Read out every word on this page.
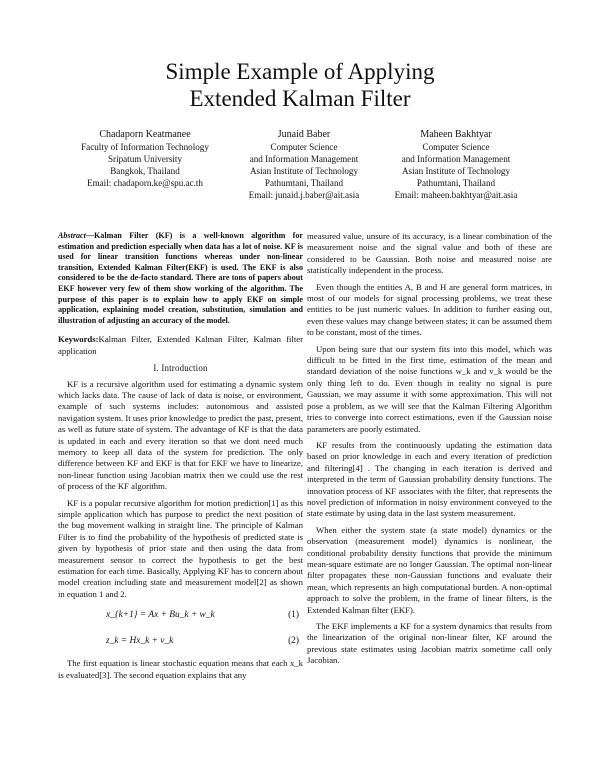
Simple Example of Applying
Extended Kalman Filter
Chadaporn Keatmanee
Faculty of Information Technology
Sripatum University
Bangkok, Thailand
Email: chadaporn.ke@spu.ac.th
Junaid Baber
Computer Science
and Information Management
Asian Institute of Technology
Pathumtani, Thailand
Email: junaid.j.baber@ait.asia
Maheen Bakhtyar
Computer Science
and Information Management
Asian Institute of Technology
Pathumtani, Thailand
Email: maheen.bakhtyar@ait.asia
Abstract—Kalman Filter (KF) is a well-known algorithm for estimation and prediction especially when data has a lot of noise. KF is used for linear transition functions whereas under non-linear transition, Extended Kalman Filter(EKF) is used. The EKF is also considered to be the de-facto standard. There are tons of papers about EKF however very few of them show working of the algorithm. The purpose of this paper is to explain how to apply EKF on simple application, explaining model creation, substitution, simulation and illustration of adjusting an accuracy of the model.
Keywords:Kalman Filter, Extended Kalman Filter, Kalman filter application
I. Introduction

KF is a recursive algorithm used for estimating a dynamic system which lacks data. The cause of lack of data is noise, or environment, example of such systems includes: autonomous and assisted navigation system. It uses prior knowledge to predict the past, present, as well as future state of system. The advantage of KF is that the data is updated in each and every iteration so that we dont need much memory to keep all data of the system for prediction. The only difference between KF and EKF is that for EKF we have to linearize, non-linear function using Jacobian matrix then we could use the rest of process of the KF algorithm.

KF is a popular recursive algorithm for motion prediction[1] as this simple application which has purpose to predict the next position of the bug movement walking in straight line. The principle of Kalman Filter is to find the probability of the hypothesis of predicted state is given by hypothesis of prior state and then using the data from measurement sensor to correct the hypothesis to get the best estimation for each time. Basically, Applying KF has to concern about model creation including state and measurement model[2] as shown in equation 1 and 2.

x_{k+1} = Ax + Bu_k + w_k	(1)
z_k = Hx_k + v_k	(2)

The first equation is linear stochastic equation means that each x_k is evaluated[3]. The second equation explains that any

measured value, unsure of its accuracy, is a linear combination of the measurement noise and the signal value and both of these are considered to be Gaussian. Both noise and measured noise are statistically independent in the process.

Even though the entities A, B and H are general form matrices, in most of our models for signal processing problems, we treat these entities to be just numeric values. In addition to further easing out, even these values may change between states; it can be assumed them to be constant, most of the times.

Upon being sure that our system fits into this model, which was difficult to be fitted in the first time, estimation of the mean and standard deviation of the noise functions w_k and v_k would be the only thing left to do. Even though in reality no signal is pure Gaussian, we may assume it with some approximation. This will not pose a problem, as we will see that the Kalman Filtering Algorithm tries to converge into correct estimations, even if the Gaussian noise parameters are poorly estimated.

KF results from the continuously updating the estimation data based on prior knowledge in each and every iteration of prediction and filtering[4] . The changing in each iteration is derived and interpreted in the term of Gaussian probability density functions. The innovation process of KF associates with the filter, that represents the novel prediction of information in noisy environment conveyed to the state estimate by using data in the last system measurement.

When either the system state (a state model) dynamics or the observation (measurement model) dynamics is nonlinear, the conditional probability density functions that provide the minimum mean-square estimate are no longer Gaussian. The optimal non-linear filter propagates these non-Gaussian functions and evaluate their mean, which represents an high computational burden. A non-optimal approach to solve the problem, in the frame of linear filters, is the Extended Kalman filter (EKF).

The EKF implements a KF for a system dynamics that results from the linearization of the original non-linear filter, KF around the previous state estimates using Jacobian matrix sometime call only Jacobian.
